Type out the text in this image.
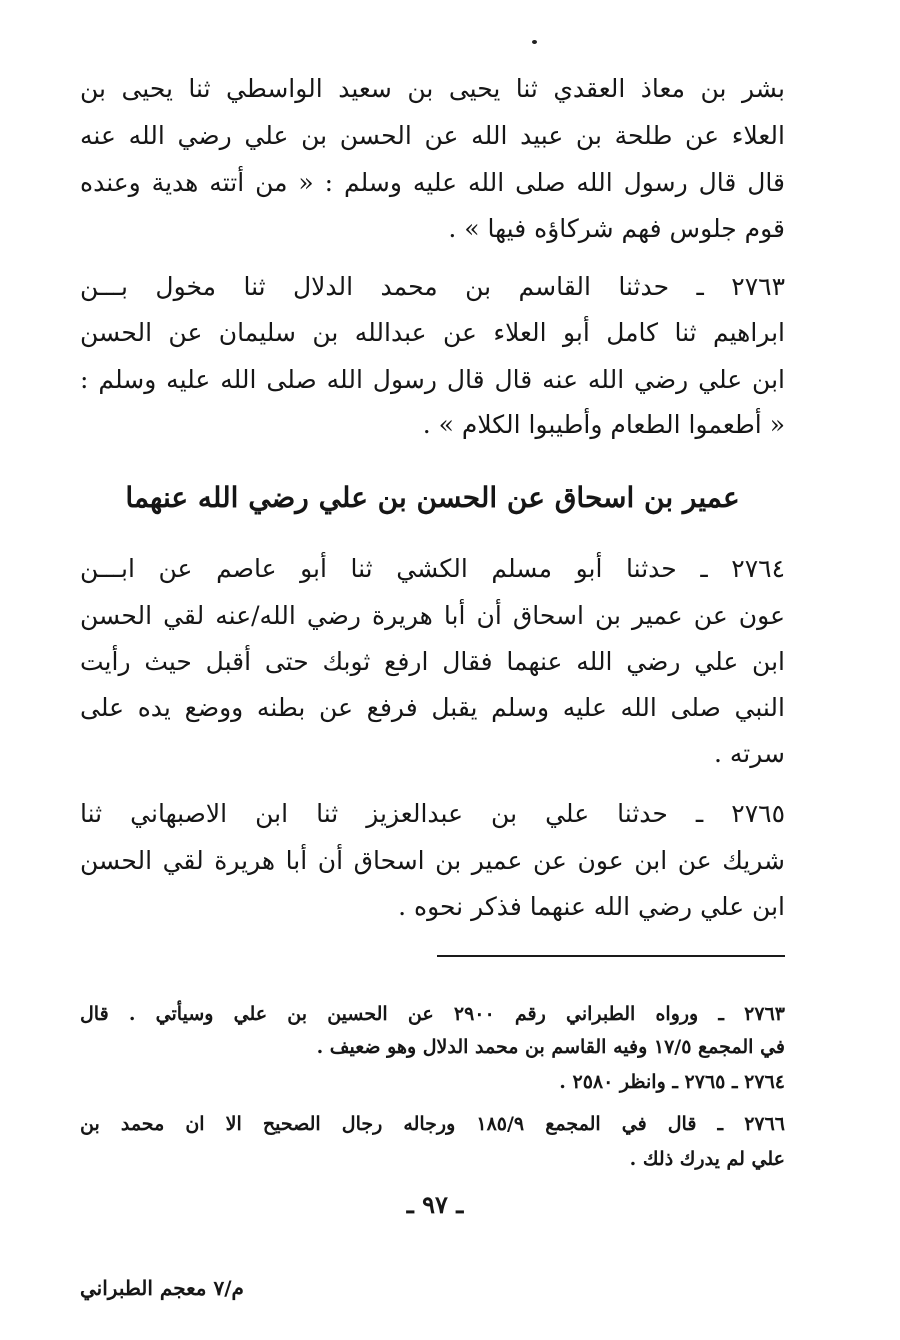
بشر بن معاذ العقدي ثنا يحيى بن سعيد الواسطي ثنا يحيى بن
العلاء عن طلحة بن عبيد الله عن الحسن بن علي رضي الله عنه
قال قال رسول الله صلى الله عليه وسلم : « من أتته هدية وعنده
قوم جلوس فهم شركاؤه فيها » .
٢٧٦٣ ـ حدثنا القاسم بن محمد الدلال ثنا مخول بـــن
ابراهيم ثنا كامل أبو العلاء عن عبدالله بن سليمان عن الحسن
ابن علي رضي الله عنه قال قال رسول الله صلى الله عليه وسلم :
« أطعموا الطعام وأطيبوا الكلام » .
عمير بن اسحاق عن الحسن بن علي رضي الله عنهما
٢٧٦٤ ـ حدثنا أبو مسلم الكشي ثنا أبو عاصم عن ابـــن
عون عن عمير بن اسحاق أن أبا هريرة رضي الله/عنه لقي الحسن
ابن علي رضي الله عنهما فقال ارفع ثوبك حتى أقبل حيث رأيت
النبي صلى الله عليه وسلم يقبل فرفع عن بطنه ووضع يده على
سرته .
٢٧٦٥ ـ حدثنا علي بن عبدالعزيز ثنا ابن الاصبهاني ثنا
شريك عن ابن عون عن عمير بن اسحاق أن أبا هريرة لقي الحسن
ابن علي رضي الله عنهما فذكر نحوه .
٢٧٦٣ ـ ورواه الطبراني رقم ٢٩٠٠ عن الحسين بن علي وسيأتي . قال
في المجمع ١٧/٥ وفيه القاسم بن محمد الدلال وهو ضعيف .
٢٧٦٤ ـ ٢٧٦٥ ـ وانظر ٢٥٨٠ .
٢٧٦٦ ـ قال في المجمع ١٨٥/٩ ورجاله رجال الصحيح الا ان محمد بن
علي لم يدرك ذلك .
ـ ٩٧ ـ
م/٧ معجم الطبراني
